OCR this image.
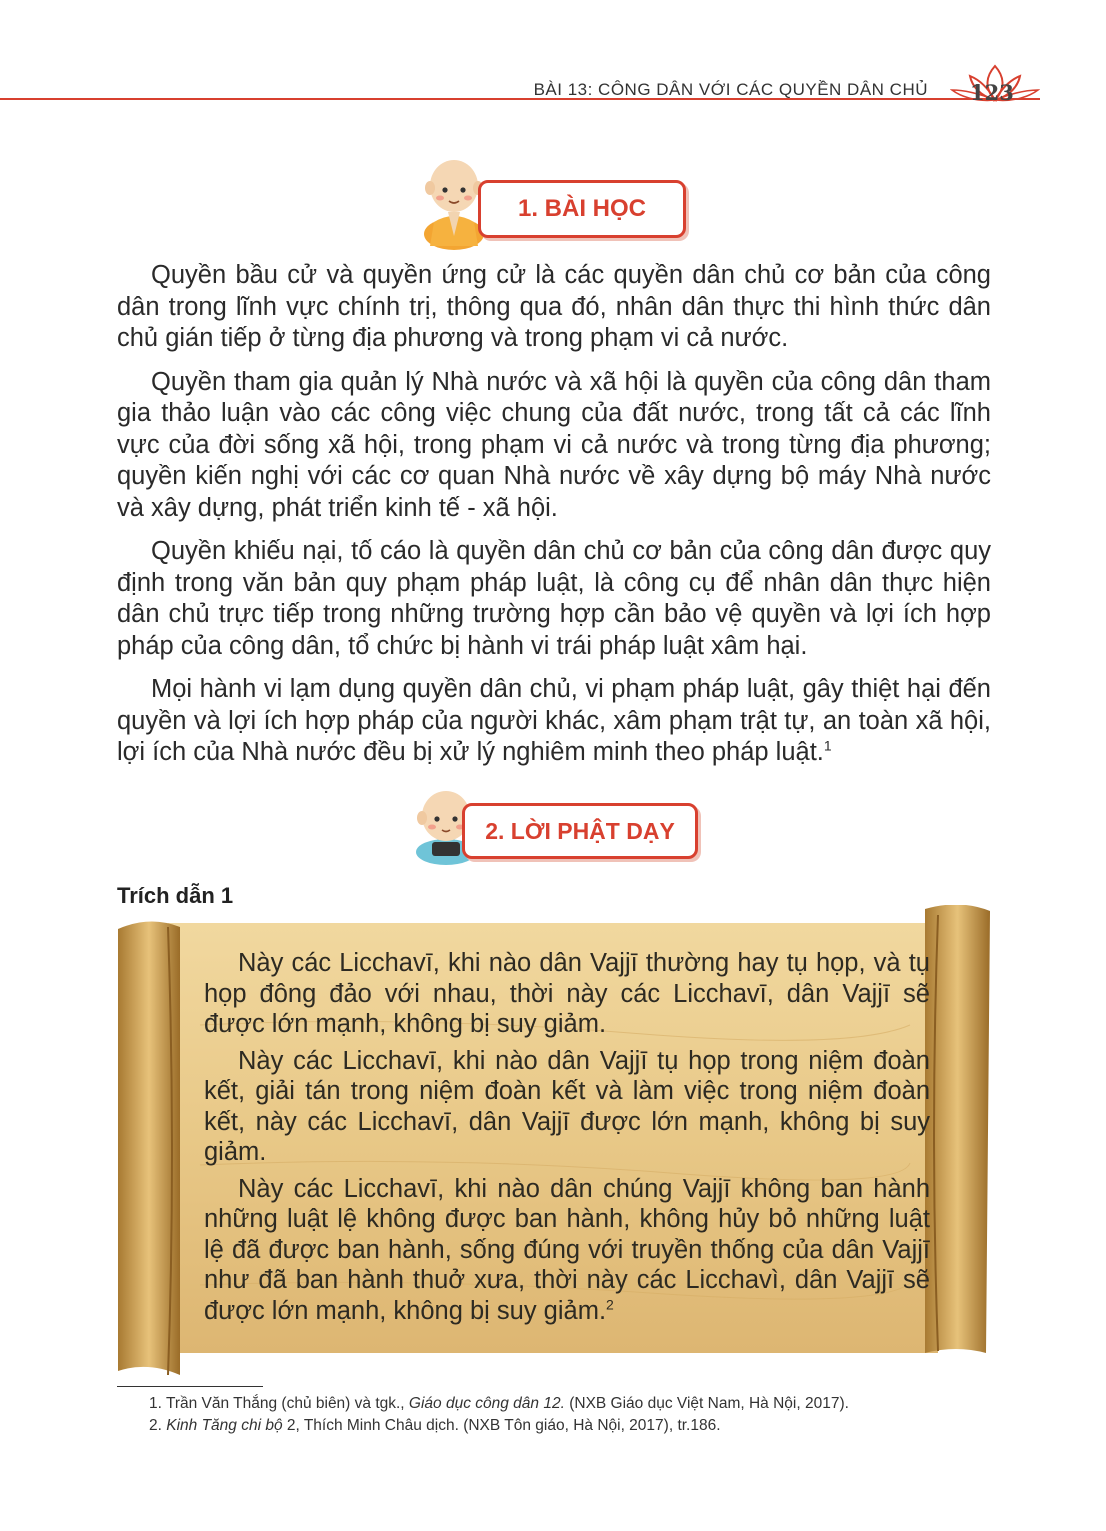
BÀI 13: CÔNG DÂN VỚI CÁC QUYỀN DÂN CHỦ 123
1. BÀI HỌC

Quyền bầu cử và quyền ứng cử là các quyền dân chủ cơ bản của công dân trong lĩnh vực chính trị, thông qua đó, nhân dân thực thi hình thức dân chủ gián tiếp ở từng địa phương và trong phạm vi cả nước.

Quyền tham gia quản lý Nhà nước và xã hội là quyền của công dân tham gia thảo luận vào các công việc chung của đất nước, trong tất cả các lĩnh vực của đời sống xã hội, trong phạm vi cả nước và trong từng địa phương; quyền kiến nghị với các cơ quan Nhà nước về xây dựng bộ máy Nhà nước và xây dựng, phát triển kinh tế - xã hội.

Quyền khiếu nại, tố cáo là quyền dân chủ cơ bản của công dân được quy định trong văn bản quy phạm pháp luật, là công cụ để nhân dân thực hiện dân chủ trực tiếp trong những trường hợp cần bảo vệ quyền và lợi ích hợp pháp của công dân, tổ chức bị hành vi trái pháp luật xâm hại.

Mọi hành vi lạm dụng quyền dân chủ, vi phạm pháp luật, gây thiệt hại đến quyền và lợi ích hợp pháp của người khác, xâm phạm trật tự, an toàn xã hội, lợi ích của Nhà nước đều bị xử lý nghiêm minh theo pháp luật.$^1$

2. LỜI PHẬT DẠY
Trích dẫn 1

Này các Licchavī, khi nào dân Vajjī thường hay tụ họp, và tụ họp đông đảo với nhau, thời này các Licchavī, dân Vajjī sẽ được lớn mạnh, không bị suy giảm.

Này các Licchavī, khi nào dân Vajjī tụ họp trong niệm đoàn kết, giải tán trong niệm đoàn kết và làm việc trong niệm đoàn kết, này các Licchavī, dân Vajjī được lớn mạnh, không bị suy giảm.

Này các Licchavī, khi nào dân chúng Vajjī không ban hành những luật lệ không được ban hành, không hủy bỏ những luật lệ đã được ban hành, sống đúng với truyền thống của dân Vajjī như đã ban hành thuở xưa, thời này các Licchavì, dân Vajjī sẽ được lớn mạnh, không bị suy giảm.$^2$

1. Trần Văn Thắng (chủ biên) và tgk., Giáo dục công dân 12. (NXB Giáo dục Việt Nam, Hà Nội, 2017).
2. Kinh Tăng chi bộ 2, Thích Minh Châu dịch. (NXB Tôn giáo, Hà Nội, 2017), tr.186.
